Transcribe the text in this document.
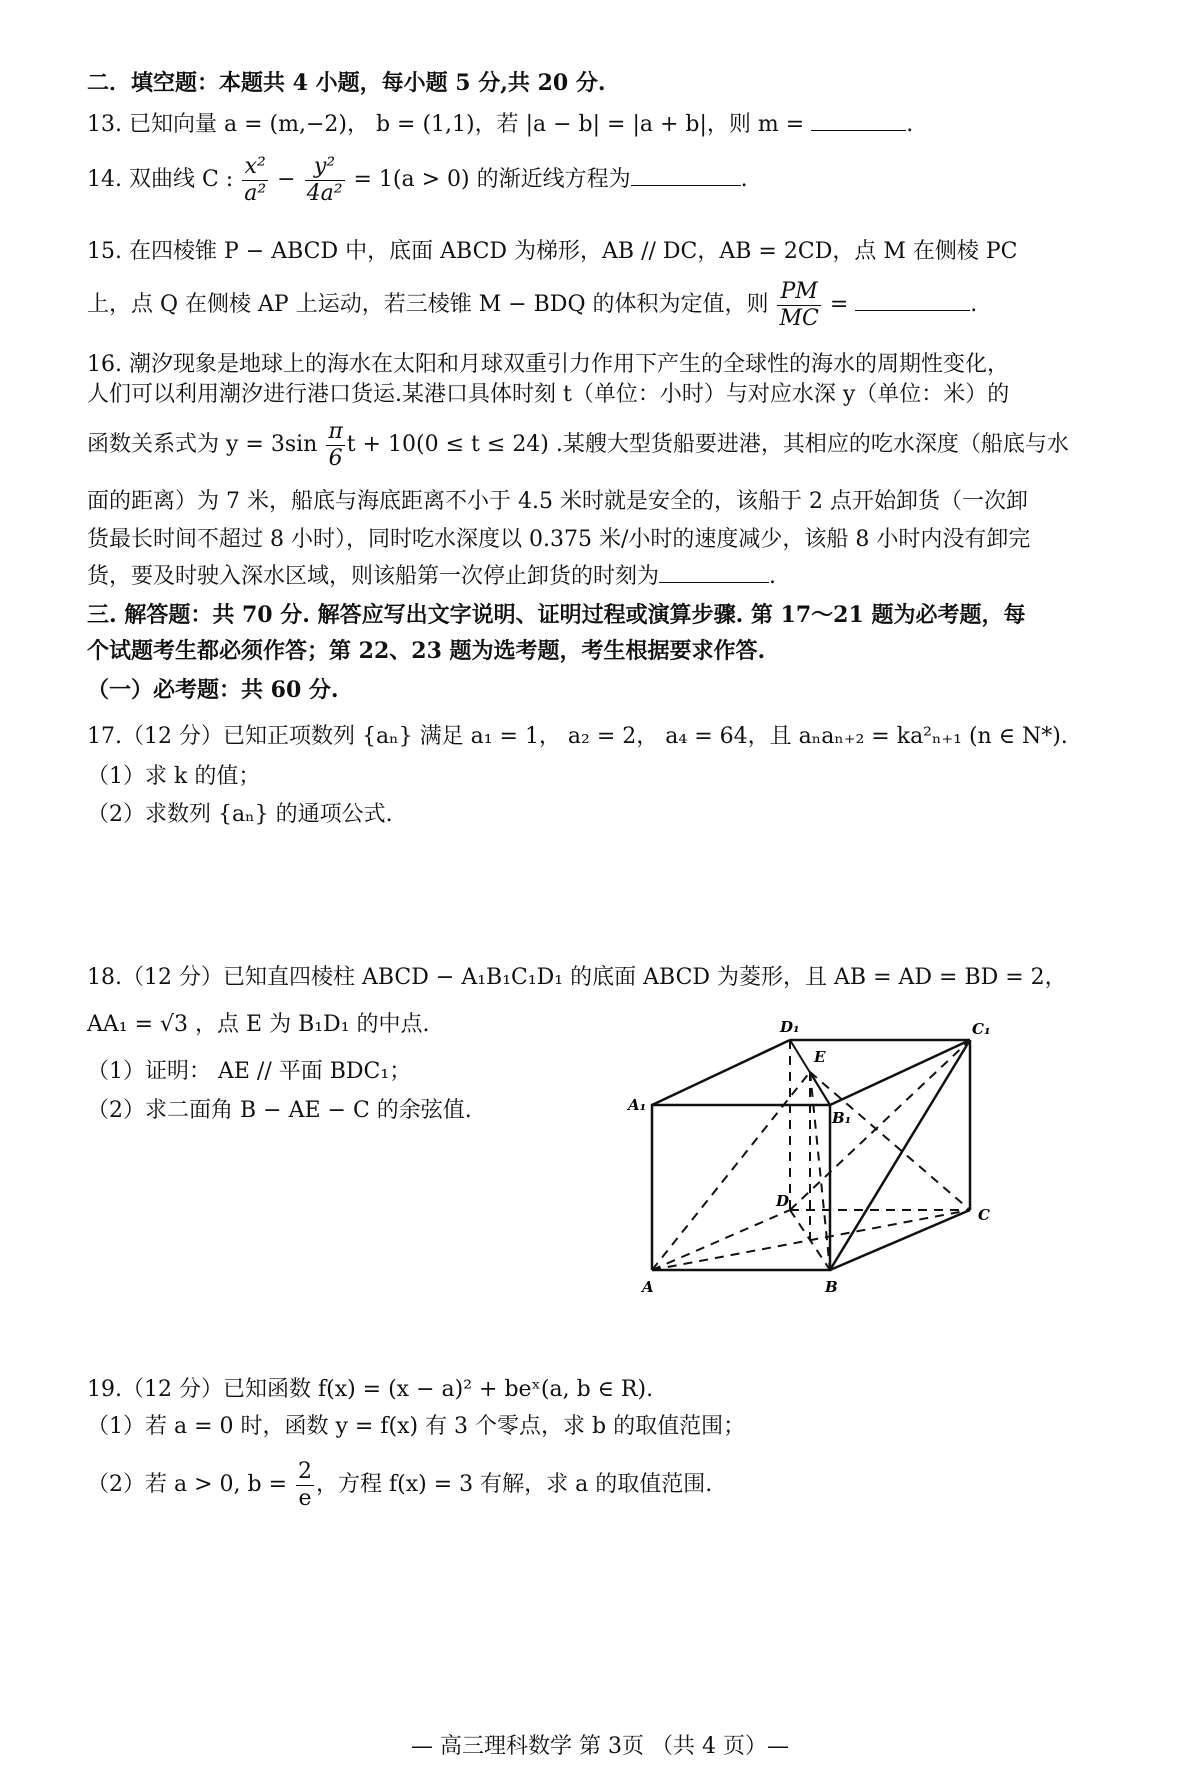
二．填空题：本题共 4 小题，每小题 5 分,共 20 分.
13. 已知向量 a = (m,−2)， b = (1,1)，若 |a − b| = |a + b|，则 m =	.
14. 双曲线 C : $\frac{\text{x²}}{\text{a²}} - \frac{\text{y²}}{\text{4a²}} = 1(a > 0)$ 的渐近线方程为	.
15. 在四棱锥 P − ABCD 中，底面 ABCD 为梯形，AB // DC，AB = 2CD，点 M 在侧棱 PC
上，点 Q 在侧棱 AP 上运动，若三棱锥 M − BDQ 的体积为定值，则 $\frac{PM}{MC}$ =	.
16. 潮汐现象是地球上的海水在太阳和月球双重引力作用下产生的全球性的海水的周期性变化，
人们可以利用潮汐进行港口货运.某港口具体时刻 t（单位：小时）与对应水深 y（单位：米）的
函数关系式为 $y = 3\sin \frac{\pi}{6}$ t + 10(0 ≤ t ≤ 24) .某艘大型货船要进港，其相应的吃水深度（船底与水
面的距离）为 7 米，船底与海底距离不小于 4.5 米时就是安全的，该船于 2 点开始卸货（一次卸
货最长时间不超过 8 小时），同时吃水深度以 0.375 米/小时的速度减少，该船 8 小时内没有卸完
货，要及时驶入深水区域，则该船第一次停止卸货的时刻为	.
三. 解答题：共 70 分. 解答应写出文字说明、证明过程或演算步骤. 第 17～21 题为必考题，每
个试题考生都必须作答；第 22、23 题为选考题，考生根据要求作答.
（一）必考题：共 60 分.
17.（12 分）已知正项数列 {aₙ} 满足 a₁ = 1， a₂ = 2， a₄ = 64，且 aₙaₙ₊₂ = ka²ₙ₊₁ (n ∈ N*).
（1）求 k 的值；
（2）求数列 {aₙ} 的通项公式.
18.（12 分）已知直四棱柱 ABCD − A₁B₁C₁D₁ 的底面 ABCD 为菱形，且 AB = AD = BD = 2，
AA₁ = √3 ，点 E 为 B₁D₁ 的中点.
（1）证明： AE // 平面 BDC₁；
（2）求二面角 B − AE − C 的余弦值.
D₁	C₁
E
A₁
B₁
D
C
A	B
19.（12 分）已知函数 f(x) = (x − a)² + beˣ(a, b ∈ R).
（1）若 a = 0 时，函数 y = f(x) 有 3 个零点，求 b 的取值范围；
（2）若 a > 0, $b = \frac{2}{e}$ ，方程 f(x) = 3 有解，求 a 的取值范围.
— 高三理科数学 第 3页 （共 4 页）—
